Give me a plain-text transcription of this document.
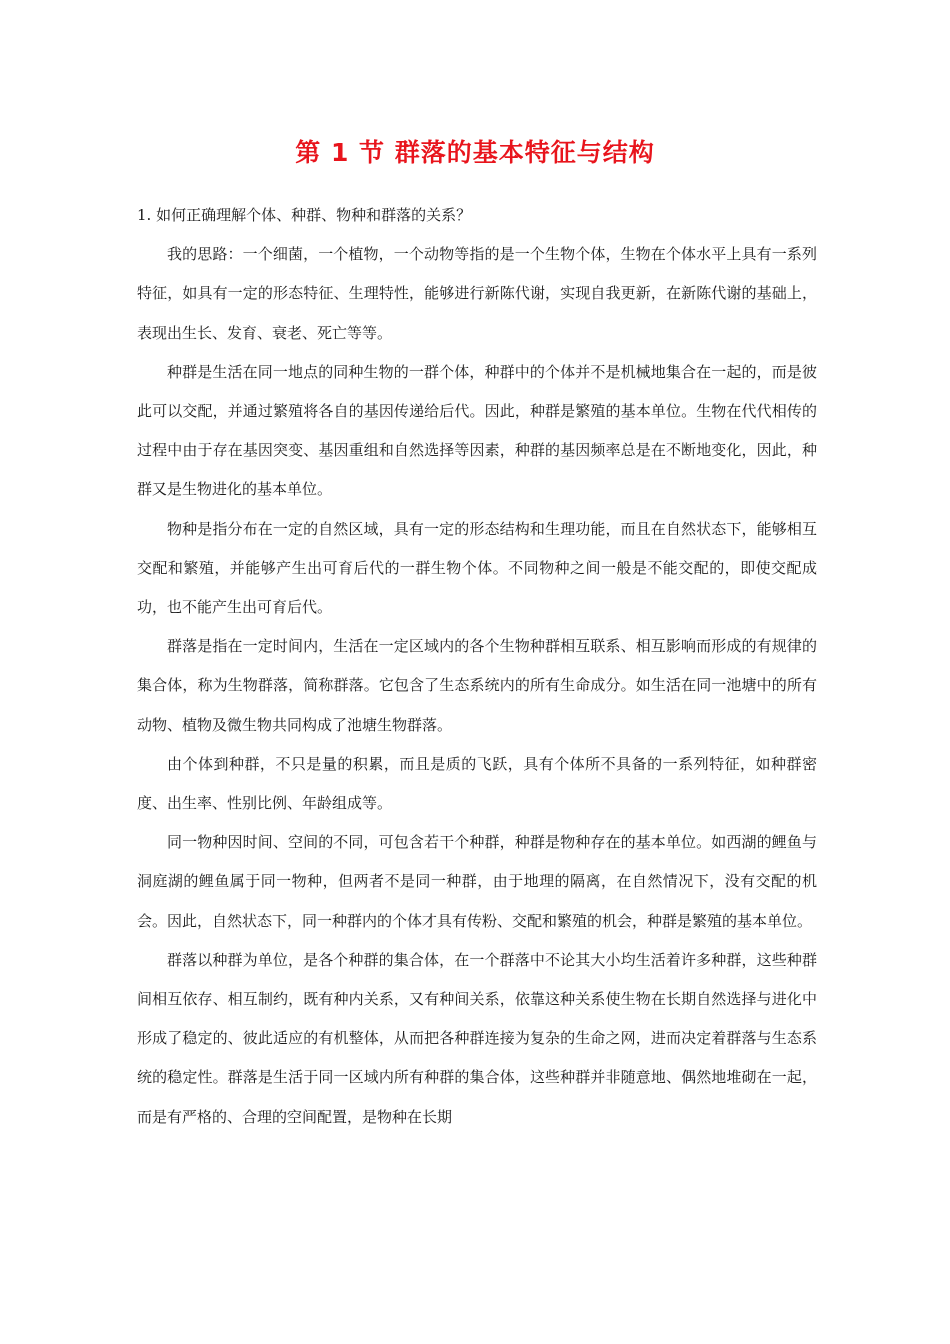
第 1 节 群落的基本特征与结构

1. 如何正确理解个体、种群、物种和群落的关系？

我的思路：一个细菌，一个植物，一个动物等指的是一个生物个体，生物在个体水平上具有一系列特征，如具有一定的形态特征、生理特性，能够进行新陈代谢，实现自我更新，在新陈代谢的基础上，表现出生长、发育、衰老、死亡等等。

种群是生活在同一地点的同种生物的一群个体，种群中的个体并不是机械地集合在一起的，而是彼此可以交配，并通过繁殖将各自的基因传递给后代。因此，种群是繁殖的基本单位。生物在代代相传的过程中由于存在基因突变、基因重组和自然选择等因素，种群的基因频率总是在不断地变化，因此，种群又是生物进化的基本单位。

物种是指分布在一定的自然区域，具有一定的形态结构和生理功能，而且在自然状态下，能够相互交配和繁殖，并能够产生出可育后代的一群生物个体。不同物种之间一般是不能交配的，即使交配成功，也不能产生出可育后代。

群落是指在一定时间内，生活在一定区域内的各个生物种群相互联系、相互影响而形成的有规律的集合体，称为生物群落，简称群落。它包含了生态系统内的所有生命成分。如生活在同一池塘中的所有动物、植物及微生物共同构成了池塘生物群落。

由个体到种群，不只是量的积累，而且是质的飞跃，具有个体所不具备的一系列特征，如种群密度、出生率、性别比例、年龄组成等。

同一物种因时间、空间的不同，可包含若干个种群，种群是物种存在的基本单位。如西湖的鲤鱼与洞庭湖的鲤鱼属于同一物种，但两者不是同一种群，由于地理的隔离，在自然情况下，没有交配的机会。因此，自然状态下，同一种群内的个体才具有传粉、交配和繁殖的机会，种群是繁殖的基本单位。

群落以种群为单位，是各个种群的集合体，在一个群落中不论其大小均生活着许多种群，这些种群间相互依存、相互制约，既有种内关系，又有种间关系，依靠这种关系使生物在长期自然选择与进化中形成了稳定的、彼此适应的有机整体，从而把各种群连接为复杂的生命之网，进而决定着群落与生态系统的稳定性。群落是生活于同一区域内所有种群的集合体，这些种群并非随意地、偶然地堆砌在一起，而是有严格的、合理的空间配置，是物种在长期
